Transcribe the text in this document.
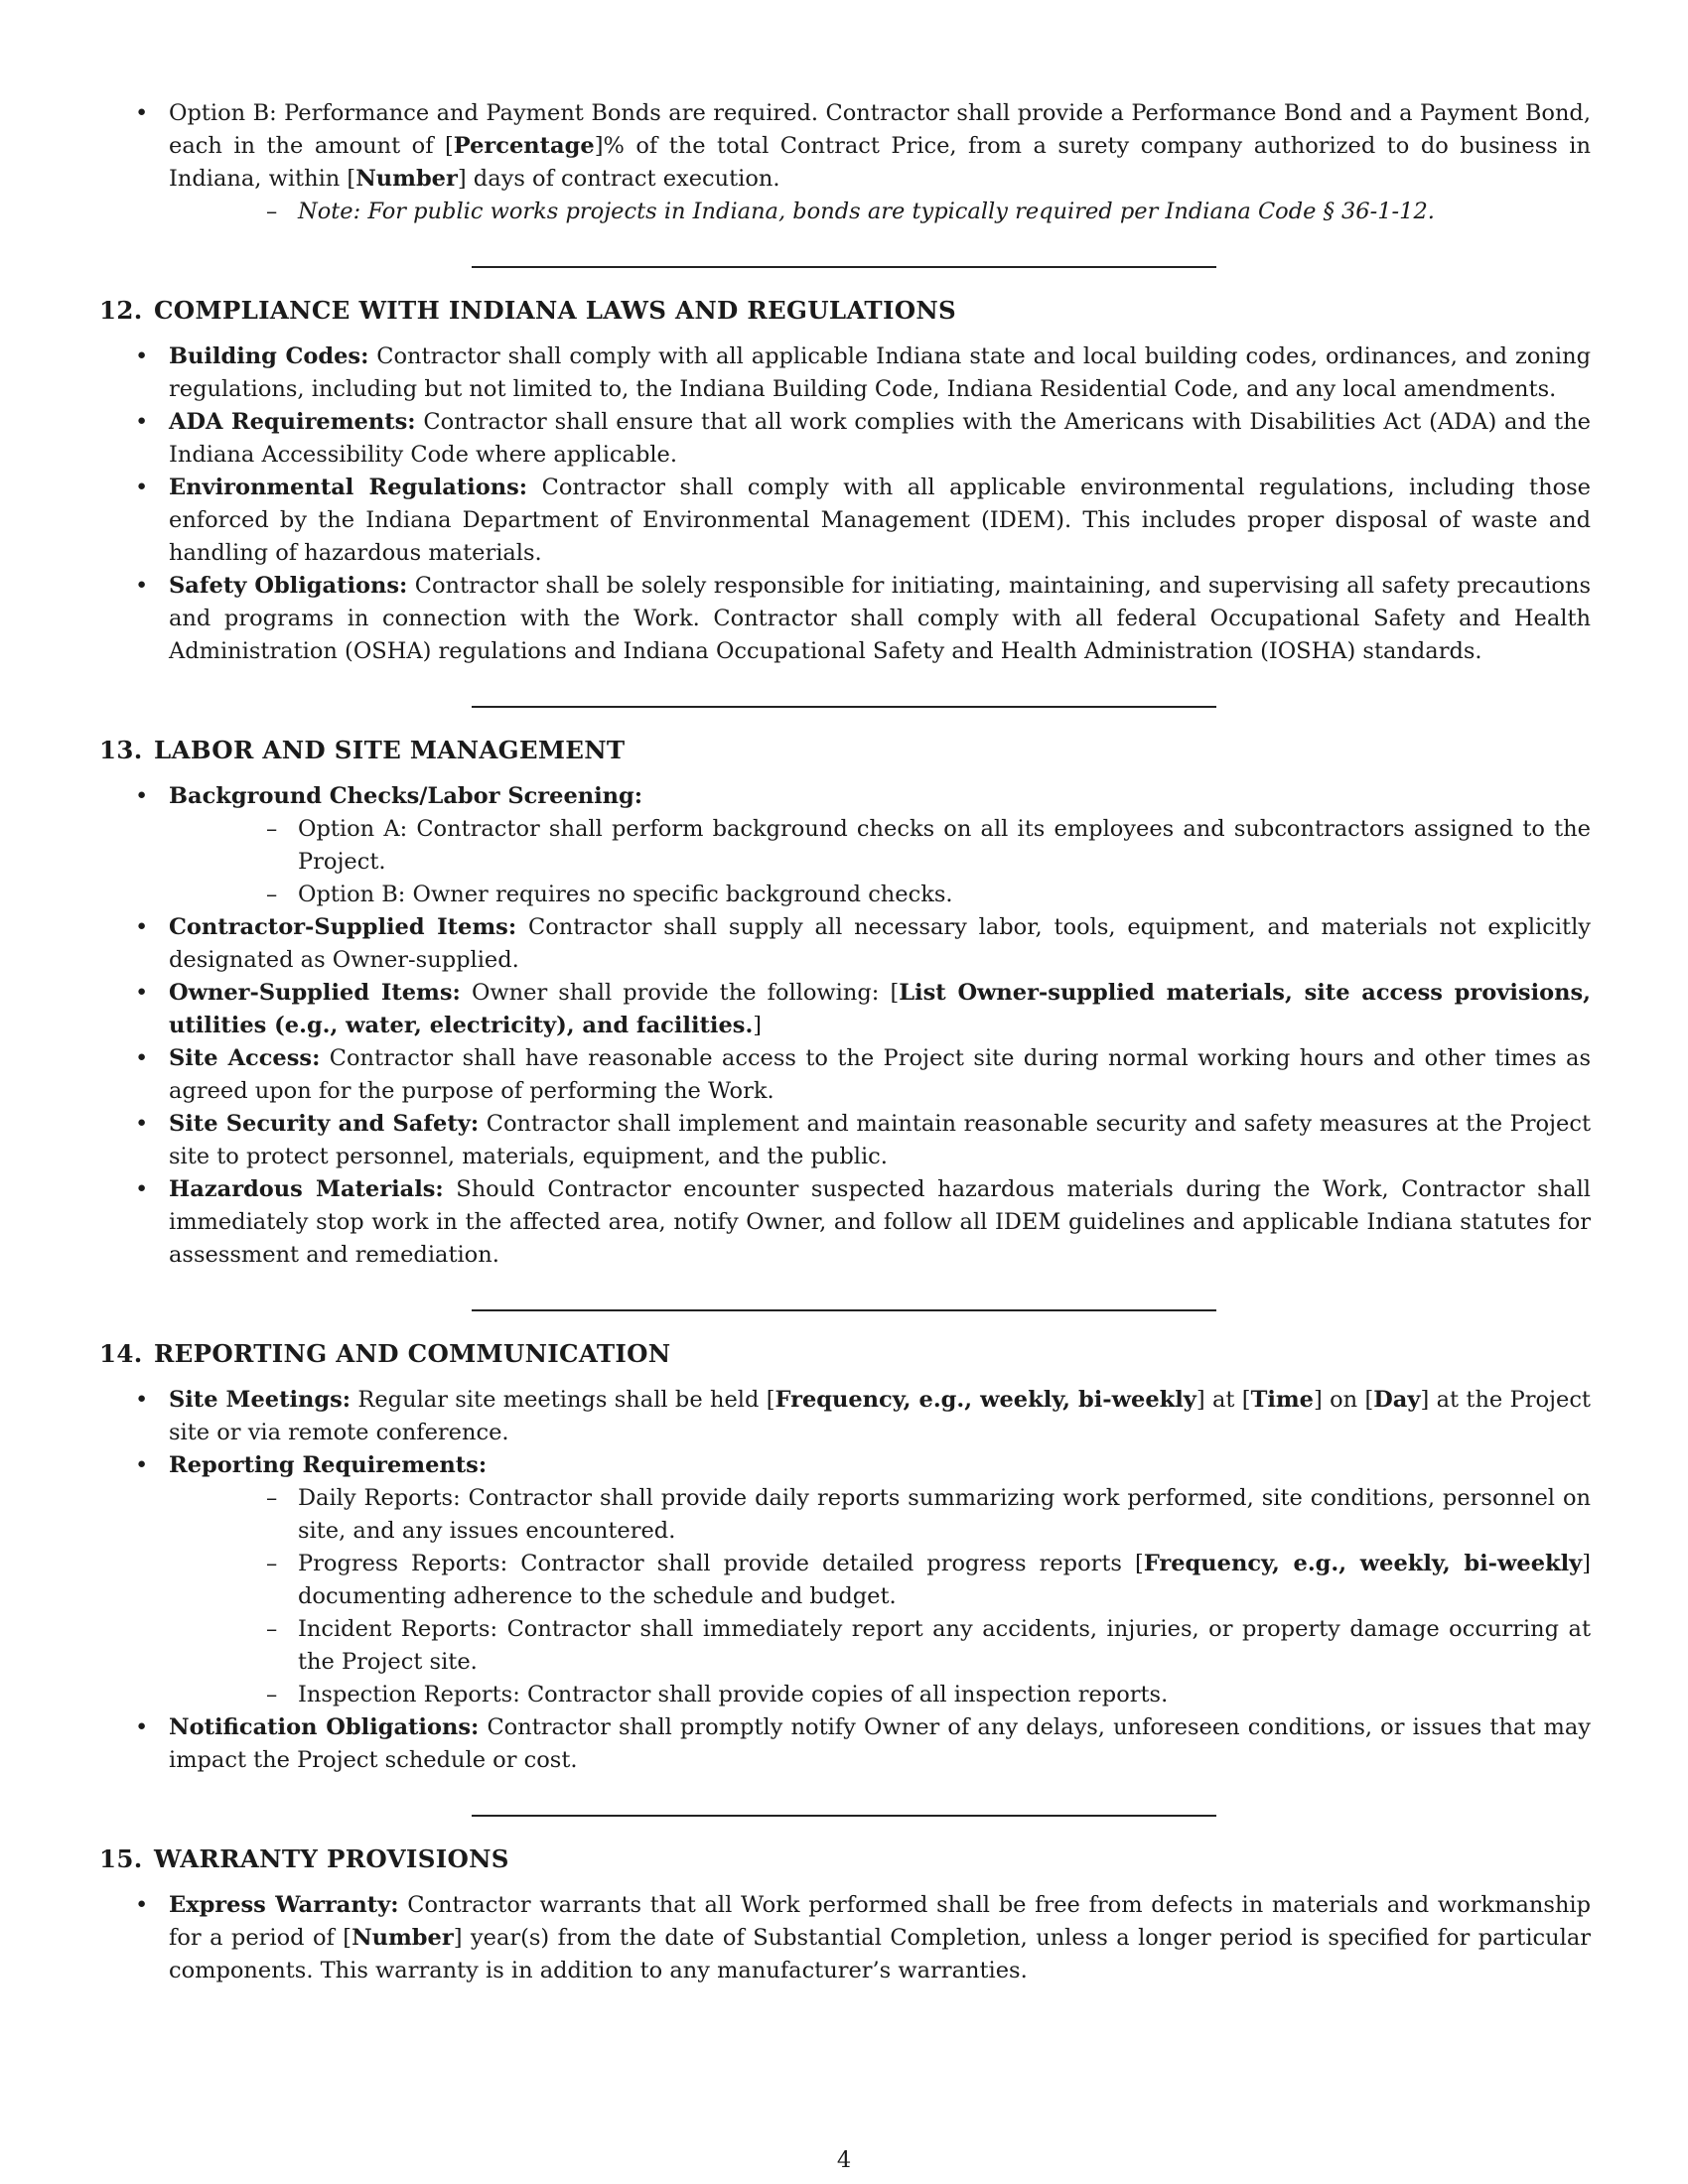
• Option B: Performance and Payment Bonds are required. Contractor shall provide a Performance Bond and a Payment Bond, each in the amount of [Percentage]% of the total Contract Price, from a surety company authorized to do business in Indiana, within [Number] days of contract execution.
– Note: For public works projects in Indiana, bonds are typically required per Indiana Code § 36-1-12.
12. COMPLIANCE WITH INDIANA LAWS AND REGULATIONS
• Building Codes: Contractor shall comply with all applicable Indiana state and local building codes, ordinances, and zoning regulations, including but not limited to, the Indiana Building Code, Indiana Residential Code, and any local amendments.
• ADA Requirements: Contractor shall ensure that all work complies with the Americans with Disabilities Act (ADA) and the Indiana Accessibility Code where applicable.
• Environmental Regulations: Contractor shall comply with all applicable environmental regulations, including those enforced by the Indiana Department of Environmental Management (IDEM). This includes proper disposal of waste and handling of hazardous materials.
• Safety Obligations: Contractor shall be solely responsible for initiating, maintaining, and supervising all safety precautions and programs in connection with the Work. Contractor shall comply with all federal Occupational Safety and Health Administration (OSHA) regulations and Indiana Occupational Safety and Health Administration (IOSHA) standards.
13. LABOR AND SITE MANAGEMENT
• Background Checks/Labor Screening:
– Option A: Contractor shall perform background checks on all its employees and subcontractors assigned to the Project.
– Option B: Owner requires no specific background checks.
• Contractor-Supplied Items: Contractor shall supply all necessary labor, tools, equipment, and materials not explicitly designated as Owner-supplied.
• Owner-Supplied Items: Owner shall provide the following: [List Owner-supplied materials, site access provisions, utilities (e.g., water, electricity), and facilities.]
• Site Access: Contractor shall have reasonable access to the Project site during normal working hours and other times as agreed upon for the purpose of performing the Work.
• Site Security and Safety: Contractor shall implement and maintain reasonable security and safety measures at the Project site to protect personnel, materials, equipment, and the public.
• Hazardous Materials: Should Contractor encounter suspected hazardous materials during the Work, Contractor shall immediately stop work in the affected area, notify Owner, and follow all IDEM guidelines and applicable Indiana statutes for assessment and remediation.
14. REPORTING AND COMMUNICATION
• Site Meetings: Regular site meetings shall be held [Frequency, e.g., weekly, bi-weekly] at [Time] on [Day] at the Project site or via remote conference.
• Reporting Requirements:
– Daily Reports: Contractor shall provide daily reports summarizing work performed, site conditions, personnel on site, and any issues encountered.
– Progress Reports: Contractor shall provide detailed progress reports [Frequency, e.g., weekly, bi-weekly] documenting adherence to the schedule and budget.
– Incident Reports: Contractor shall immediately report any accidents, injuries, or property damage occurring at the Project site.
– Inspection Reports: Contractor shall provide copies of all inspection reports.
• Notification Obligations: Contractor shall promptly notify Owner of any delays, unforeseen conditions, or issues that may impact the Project schedule or cost.
15. WARRANTY PROVISIONS
• Express Warranty: Contractor warrants that all Work performed shall be free from defects in materials and workmanship for a period of [Number] year(s) from the date of Substantial Completion, unless a longer period is specified for particular components. This warranty is in addition to any manufacturer’s warranties.
4
